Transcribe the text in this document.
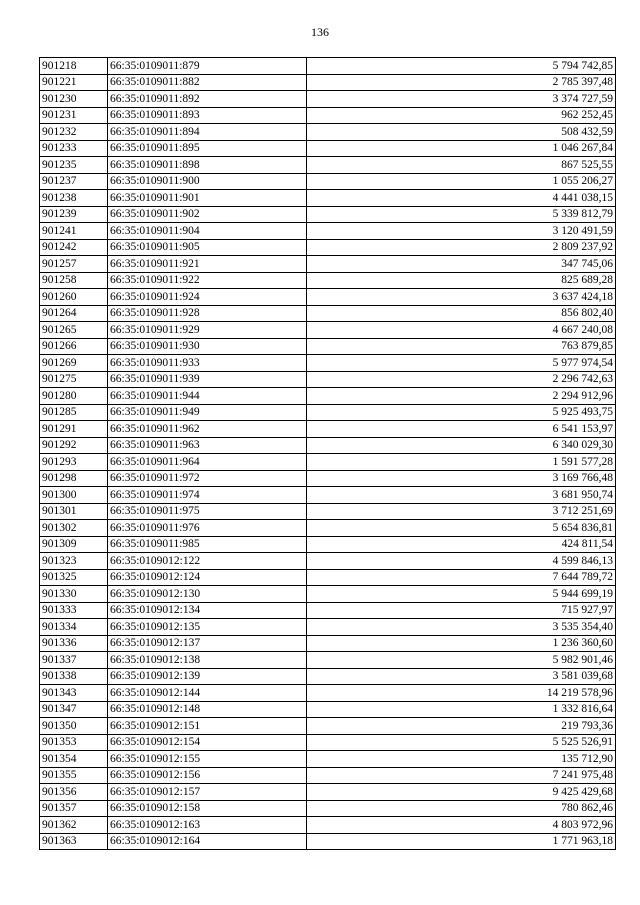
136
901218	66:35:0109011:879	5 794 742,85
901221	66:35:0109011:882	2 785 397,48
901230	66:35:0109011:892	3 374 727,59
901231	66:35:0109011:893	962 252,45
901232	66:35:0109011:894	508 432,59
901233	66:35:0109011:895	1 046 267,84
901235	66:35:0109011:898	867 525,55
901237	66:35:0109011:900	1 055 206,27
901238	66:35:0109011:901	4 441 038,15
901239	66:35:0109011:902	5 339 812,79
901241	66:35:0109011:904	3 120 491,59
901242	66:35:0109011:905	2 809 237,92
901257	66:35:0109011:921	347 745,06
901258	66:35:0109011:922	825 689,28
901260	66:35:0109011:924	3 637 424,18
901264	66:35:0109011:928	856 802,40
901265	66:35:0109011:929	4 667 240,08
901266	66:35:0109011:930	763 879,85
901269	66:35:0109011:933	5 977 974,54
901275	66:35:0109011:939	2 296 742,63
901280	66:35:0109011:944	2 294 912,96
901285	66:35:0109011:949	5 925 493,75
901291	66:35:0109011:962	6 541 153,97
901292	66:35:0109011:963	6 340 029,30
901293	66:35:0109011:964	1 591 577,28
901298	66:35:0109011:972	3 169 766,48
901300	66:35:0109011:974	3 681 950,74
901301	66:35:0109011:975	3 712 251,69
901302	66:35:0109011:976	5 654 836,81
901309	66:35:0109011:985	424 811,54
901323	66:35:0109012:122	4 599 846,13
901325	66:35:0109012:124	7 644 789,72
901330	66:35:0109012:130	5 944 699,19
901333	66:35:0109012:134	715 927,97
901334	66:35:0109012:135	3 535 354,40
901336	66:35:0109012:137	1 236 360,60
901337	66:35:0109012:138	5 982 901,46
901338	66:35:0109012:139	3 581 039,68
901343	66:35:0109012:144	14 219 578,96
901347	66:35:0109012:148	1 332 816,64
901350	66:35:0109012:151	219 793,36
901353	66:35:0109012:154	5 525 526,91
901354	66:35:0109012:155	135 712,90
901355	66:35:0109012:156	7 241 975,48
901356	66:35:0109012:157	9 425 429,68
901357	66:35:0109012:158	780 862,46
901362	66:35:0109012:163	4 803 972,96
901363	66:35:0109012:164	1 771 963,18
